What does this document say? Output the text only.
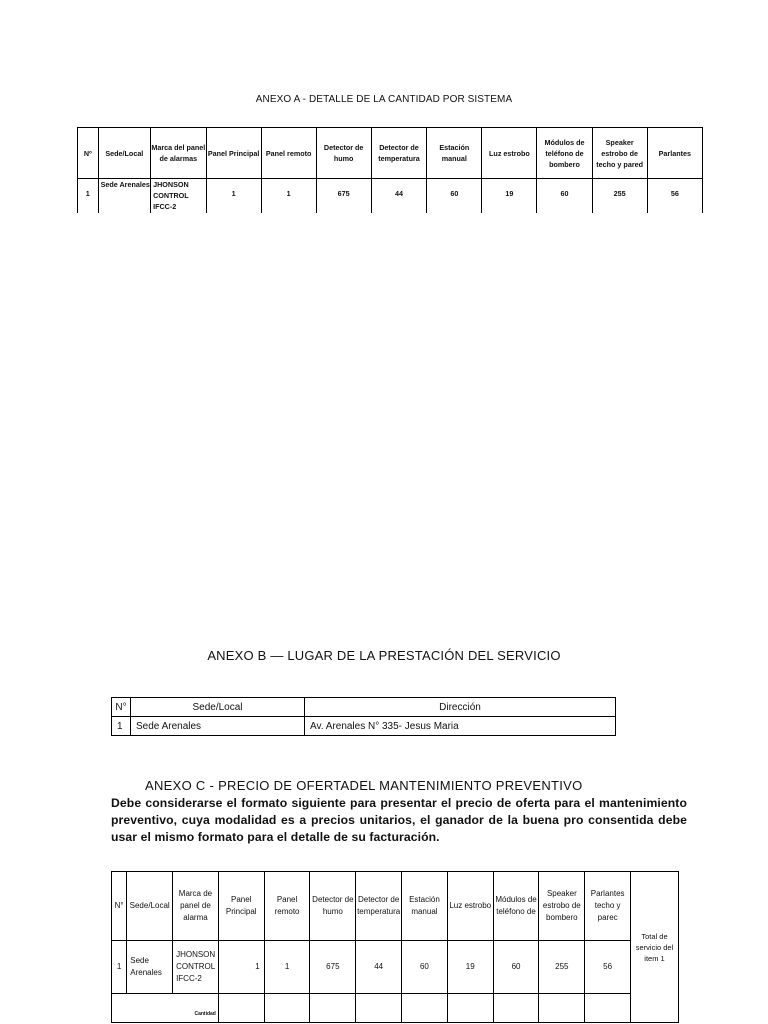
ANEXO A - DETALLE DE LA CANTIDAD POR SISTEMA
Nº	Sede/Local	Marca del panel de alarmas	Panel Principal	Panel remoto	Detector de humo	Detector de temperatura	Estación manual	Luz estrobo	Módulos de teléfono de bombero	Speaker estrobo de techo y pared	Parlantes
1	Sede Arenales	JHONSON CONTROL IFCC-2	1	1	675	44	60	19	60	255	56
ANEXO B — LUGAR DE LA PRESTACIÓN DEL SERVICIO
N°	Sede/Local	Dirección
1	Sede Arenales	Av. Arenales N° 335- Jesus Maria
ANEXO C - PRECIO DE OFERTADEL MANTENIMIENTO PREVENTIVO
Debe considerarse el formato siguiente para presentar el precio de oferta para el mantenimiento preventivo, cuya modalidad es a precios unitarios, el ganador de la buena pro consentida debe usar el mismo formato para el detalle de su facturación.
N°	Sede/Local	Marca de panel de alarma	Panel Principal	Panel remoto	Detector de humo	Detector de temperatura	Estación manual	Luz estrobo	Módulos de teléfono de	Speaker estrobo de bombero	Parlantes techo y parec	Total de servicio del item 1
1	Sede Arenales	JHONSON CONTROL IFCC-2	1	1	675	44	60	19	60	255	56	
Cantidad												
